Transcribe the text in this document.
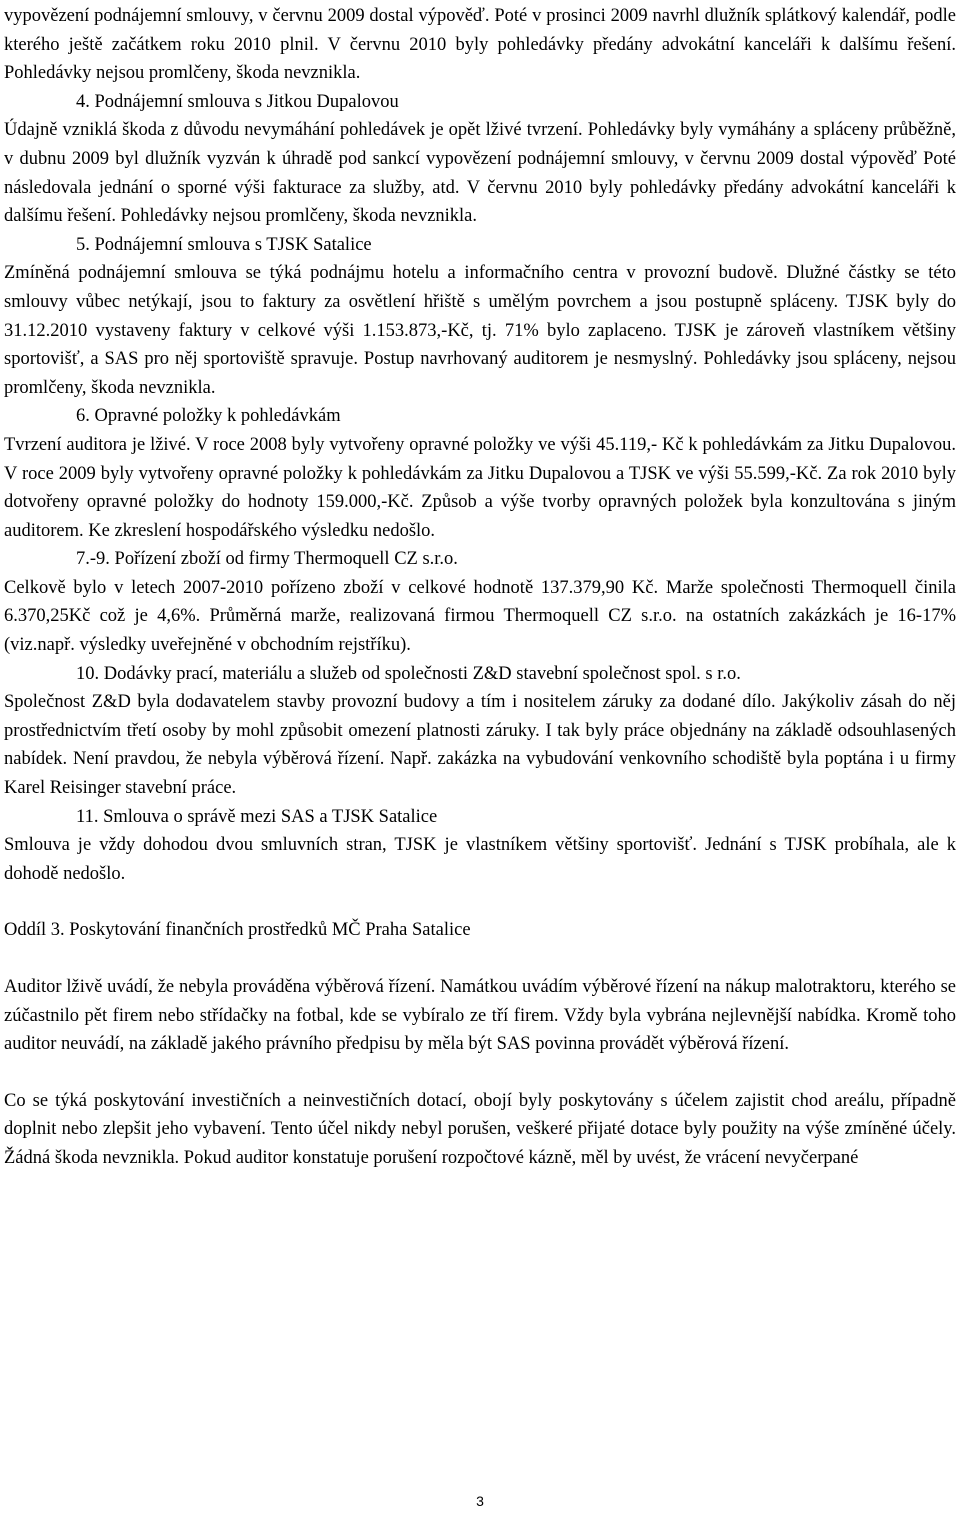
vypovězení podnájemní smlouvy, v červnu 2009 dostal výpověď. Poté v prosinci 2009 navrhl dlužník splátkový kalendář, podle kterého ještě začátkem roku 2010 plnil. V červnu 2010 byly pohledávky předány advokátní kanceláři k dalšímu řešení. Pohledávky nejsou promlčeny, škoda nevznikla.

4. Podnájemní smlouva s Jitkou Dupalovou

Údajně vzniklá škoda z důvodu nevymáhání pohledávek je opět lživé tvrzení. Pohledávky byly vymáhány a spláceny průběžně, v dubnu 2009 byl dlužník vyzván k úhradě pod sankcí vypovězení podnájemní smlouvy, v červnu 2009 dostal výpověď Poté následovala jednání o sporné výši fakturace za služby, atd. V červnu 2010 byly pohledávky předány advokátní kanceláři k dalšímu řešení. Pohledávky nejsou promlčeny, škoda nevznikla.

5. Podnájemní smlouva s TJSK Satalice

Zmíněná podnájemní smlouva se týká podnájmu hotelu a informačního centra v provozní budově. Dlužné částky se této smlouvy vůbec netýkají, jsou to faktury za osvětlení hřiště s umělým povrchem a jsou postupně spláceny. TJSK byly do 31.12.2010 vystaveny faktury v celkové výši 1.153.873,-Kč, tj. 71% bylo zaplaceno. TJSK je zároveň vlastníkem většiny sportovišť, a SAS pro něj sportoviště spravuje. Postup navrhovaný auditorem je nesmyslný. Pohledávky jsou spláceny, nejsou promlčeny, škoda nevznikla.

6. Opravné položky k pohledávkám

Tvrzení auditora je lživé. V roce 2008 byly vytvořeny opravné položky ve výši 45.119,- Kč k pohledávkám za Jitku Dupalovou. V roce 2009 byly vytvořeny opravné položky k pohledávkám za Jitku Dupalovou a TJSK ve výši 55.599,-Kč. Za rok 2010 byly dotvořeny opravné položky do hodnoty 159.000,-Kč. Způsob a výše tvorby opravných položek byla konzultována s jiným auditorem. Ke zkreslení hospodářského výsledku nedošlo.

7.-9. Pořízení zboží od firmy Thermoquell CZ s.r.o.

Celkově bylo v letech 2007-2010 pořízeno zboží v celkové hodnotě 137.379,90 Kč. Marže společnosti Thermoquell činila 6.370,25Kč což je 4,6%. Průměrná marže, realizovaná firmou Thermoquell CZ s.r.o. na ostatních zakázkách je 16-17% (viz.např. výsledky uveřejněné v obchodním rejstříku).

10. Dodávky prací, materiálu a služeb od společnosti Z&D stavební společnost spol. s r.o.

Společnost Z&D byla dodavatelem stavby provozní budovy a tím i nositelem záruky za dodané dílo. Jakýkoliv zásah do něj prostřednictvím třetí osoby by mohl způsobit omezení platnosti záruky. I tak byly práce objednány na základě odsouhlasených nabídek. Není pravdou, že nebyla výběrová řízení. Např. zakázka na vybudování venkovního schodiště byla poptána i u firmy Karel Reisinger stavební práce.

11. Smlouva o správě mezi SAS a TJSK Satalice

Smlouva je vždy dohodou dvou smluvních stran, TJSK je vlastníkem většiny sportovišť. Jednání s TJSK probíhala, ale k dohodě nedošlo.

Oddíl 3. Poskytování finančních prostředků MČ Praha Satalice

Auditor lživě uvádí, že nebyla prováděna výběrová řízení. Namátkou uvádím výběrové řízení na nákup malotraktoru, kterého se zúčastnilo pět firem nebo střídačky na fotbal, kde se vybíralo ze tří firem. Vždy byla vybrána nejlevnější nabídka. Kromě toho auditor neuvádí, na základě jakého právního předpisu by měla být SAS povinna provádět výběrová řízení.

Co se týká poskytování investičních a neinvestičních dotací, obojí byly poskytovány s účelem zajistit chod areálu, případně doplnit nebo zlepšit jeho vybavení. Tento účel nikdy nebyl porušen, veškeré přijaté dotace byly použity na výše zmíněné účely. Žádná škoda nevznikla. Pokud auditor konstatuje porušení rozpočtové kázně, měl by uvést, že vrácení nevyčerpané

3
